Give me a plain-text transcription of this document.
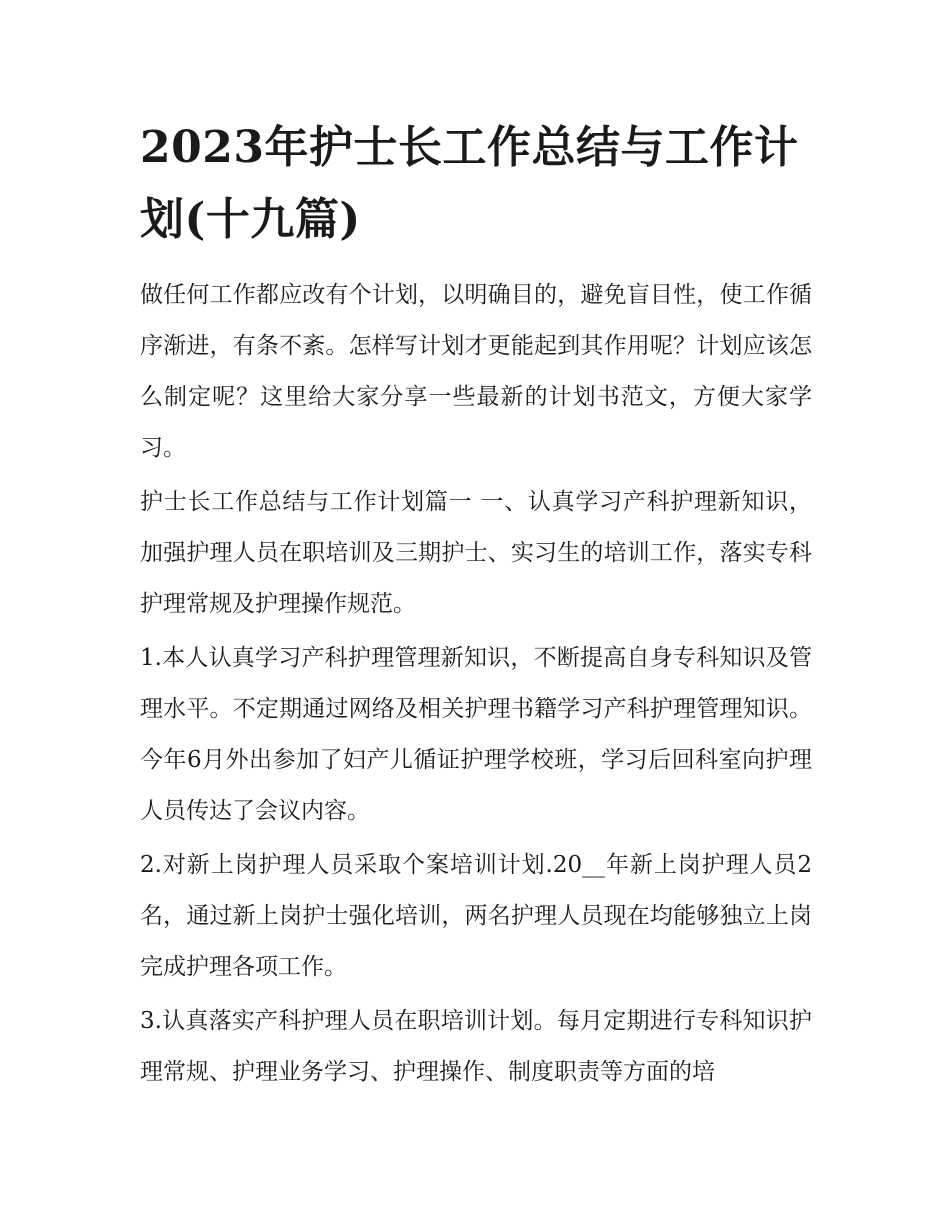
2023年护士长工作总结与工作计划(十九篇)

做任何工作都应改有个计划，以明确目的，避免盲目性，使工作循序渐进，有条不紊。怎样写计划才更能起到其作用呢？计划应该怎么制定呢？这里给大家分享一些最新的计划书范文，方便大家学习。

护士长工作总结与工作计划篇一 一、认真学习产科护理新知识，加强护理人员在职培训及三期护士、实习生的培训工作，落实专科护理常规及护理操作规范。

1.本人认真学习产科护理管理新知识，不断提高自身专科知识及管理水平。不定期通过网络及相关护理书籍学习产科护理管理知识。今年6月外出参加了妇产儿循证护理学校班，学习后回科室向护理人员传达了会议内容。

2.对新上岗护理人员采取个案培训计划.20__年新上岗护理人员2名，通过新上岗护士强化培训，两名护理人员现在均能够独立上岗完成护理各项工作。

3.认真落实产科护理人员在职培训计划。每月定期进行专科知识护理常规、护理业务学习、护理操作、制度职责等方面的培
